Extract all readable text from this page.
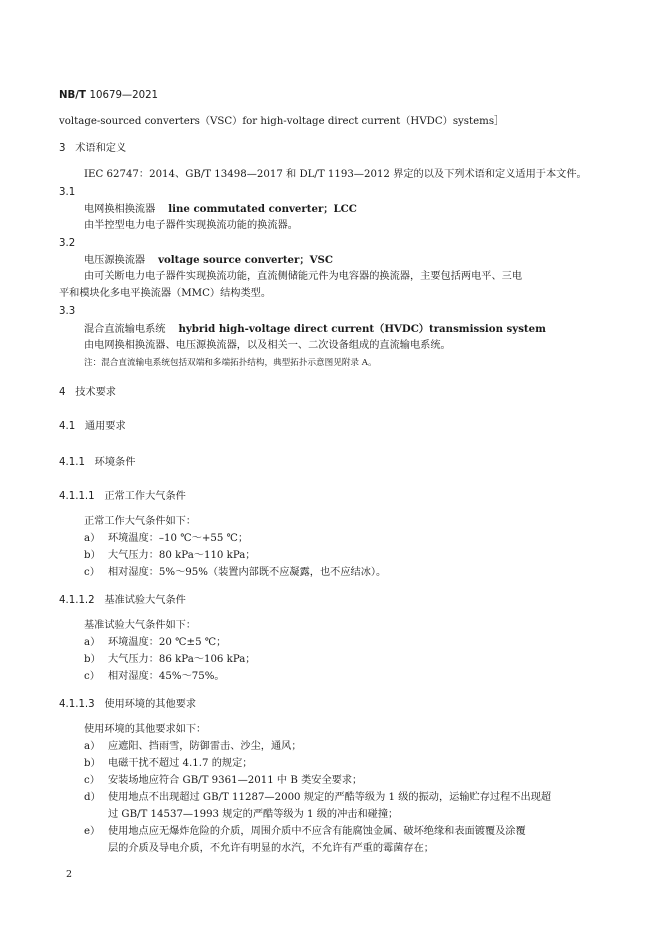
NB/T 10679—2021
voltage-sourced converters（VSC）for high-voltage direct current（HVDC）systems］
3 术语和定义
IEC 62747：2014、GB/T 13498—2017 和 DL/T 1193—2012 界定的以及下列术语和定义适用于本文件。
3.1
电网换相换流器 line commutated converter；LCC
由半控型电力电子器件实现换流功能的换流器。
3.2
电压源换流器 voltage source converter；VSC
由可关断电力电子器件实现换流功能，直流侧储能元件为电容器的换流器，主要包括两电平、三电
平和模块化多电平换流器（MMC）结构类型。
3.3
混合直流输电系统 hybrid high-voltage direct current（HVDC）transmission system
由电网换相换流器、电压源换流器，以及相关一、二次设备组成的直流输电系统。
注：混合直流输电系统包括双端和多端拓扑结构，典型拓扑示意图见附录 A。
4 技术要求
4.1 通用要求
4.1.1 环境条件
4.1.1.1 正常工作大气条件
正常工作大气条件如下：
a） 环境温度：–10 ℃～+55 ℃；
b） 大气压力：80 kPa～110 kPa；
c） 相对湿度：5%～95%（装置内部既不应凝露，也不应结冰）。
4.1.1.2 基准试验大气条件
基准试验大气条件如下：
a） 环境温度：20 ℃±5 ℃；
b） 大气压力：86 kPa～106 kPa；
c） 相对湿度：45%～75%。
4.1.1.3 使用环境的其他要求
使用环境的其他要求如下：
a） 应遮阳、挡雨雪，防御雷击、沙尘，通风；
b） 电磁干扰不超过 4.1.7 的规定；
c） 安装场地应符合 GB/T 9361—2011 中 B 类安全要求；
d） 使用地点不出现超过 GB/T 11287—2000 规定的严酷等级为 1 级的振动，运输贮存过程不出现超
过 GB/T 14537—1993 规定的严酷等级为 1 级的冲击和碰撞；
e） 使用地点应无爆炸危险的介质，周围介质中不应含有能腐蚀金属、破坏绝缘和表面镀覆及涂覆
层的介质及导电介质，不允许有明显的水汽，不允许有严重的霉菌存在；
2
